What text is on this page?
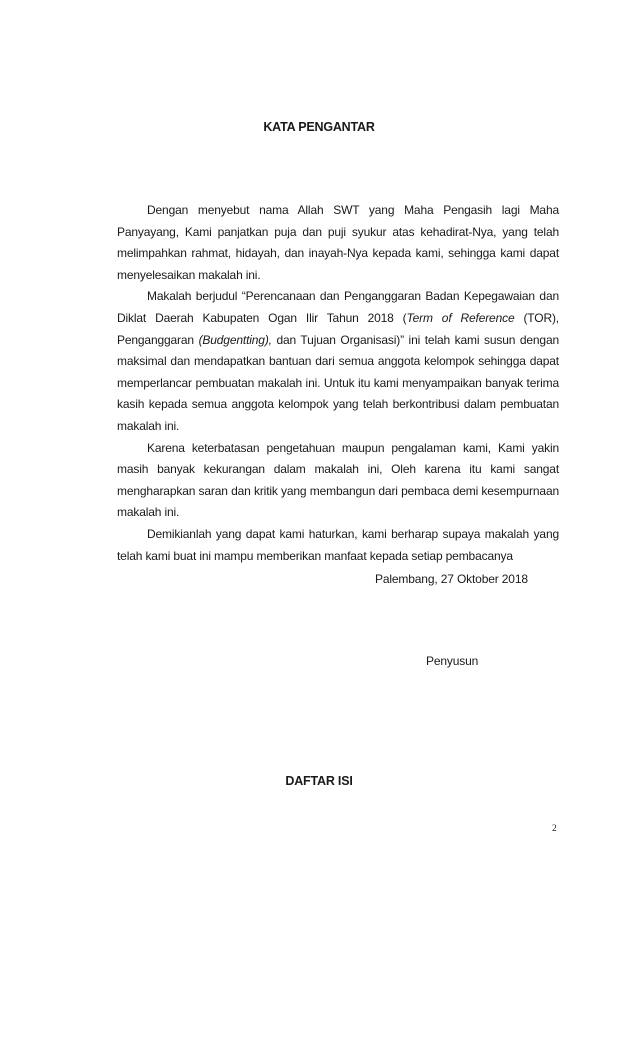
KATA PENGANTAR

Dengan menyebut nama Allah SWT yang Maha Pengasih lagi Maha Panyayang, Kami panjatkan puja dan puji syukur atas kehadirat-Nya, yang telah melimpahkan rahmat, hidayah, dan inayah-Nya kepada kami, sehingga kami dapat menyelesaikan makalah ini.

Makalah berjudul “Perencanaan dan Penganggaran Badan Kepegawaian dan Diklat Daerah Kabupaten Ogan Ilir Tahun 2018 (Term of Reference (TOR), Penganggaran (Budgentting), dan Tujuan Organisasi)” ini telah kami susun dengan maksimal dan mendapatkan bantuan dari semua anggota kelompok sehingga dapat memperlancar pembuatan makalah ini. Untuk itu kami menyampaikan banyak terima kasih kepada semua anggota kelompok yang telah berkontribusi dalam pembuatan makalah ini.

Karena keterbatasan pengetahuan maupun pengalaman kami, Kami yakin masih banyak kekurangan dalam makalah ini, Oleh karena itu kami sangat mengharapkan saran dan kritik yang membangun dari pembaca demi kesempurnaan makalah ini.

Demikianlah yang dapat kami haturkan, kami berharap supaya makalah yang telah kami buat ini mampu memberikan manfaat kepada setiap pembacanya

Palembang, 27 Oktober 2018
Penyusun
DAFTAR ISI
2
